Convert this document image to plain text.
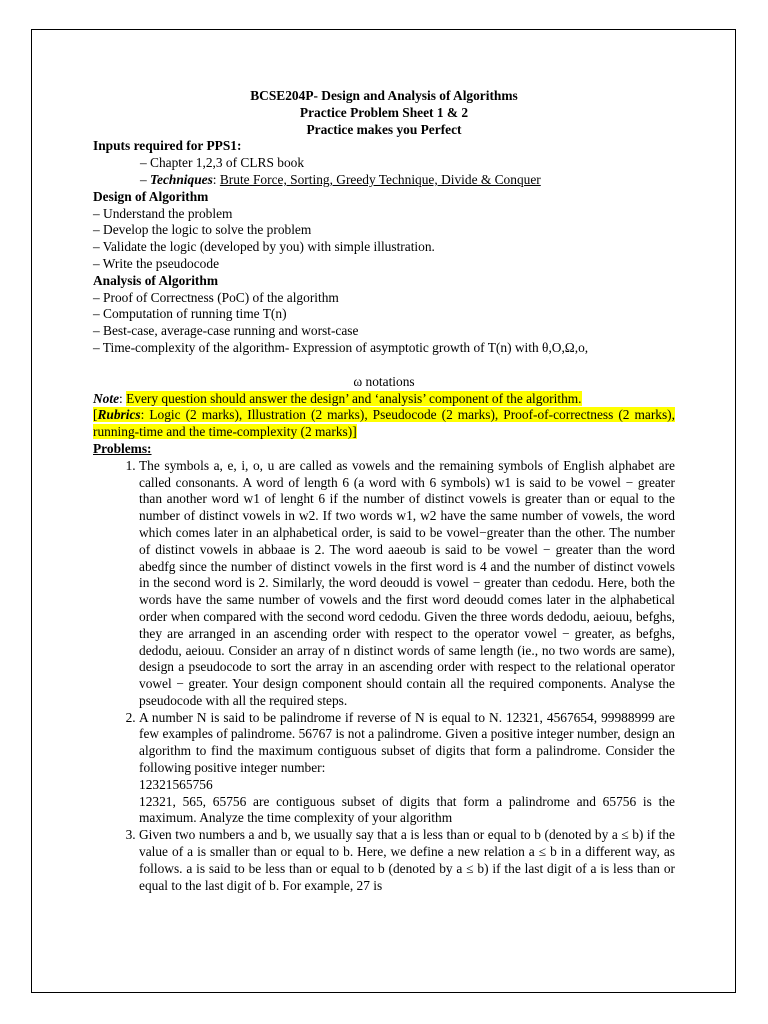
BCSE204P- Design and Analysis of Algorithms
Practice Problem Sheet 1 & 2
Practice makes you Perfect
Inputs required for PPS1:
– Chapter 1,2,3 of CLRS book
– Techniques: Brute Force, Sorting, Greedy Technique, Divide & Conquer
Design of Algorithm
– Understand the problem
– Develop the logic to solve the problem
– Validate the logic (developed by you) with simple illustration.
– Write the pseudocode
Analysis of Algorithm
– Proof of Correctness (PoC) of the algorithm
– Computation of running time T(n)
– Best-case, average-case running and worst-case
– Time-complexity of the algorithm- Expression of asymptotic growth of T(n) with θ,O,Ω,o,
ω notations
Note: Every question should answer the design’ and ‘analysis’ component of the algorithm.
[Rubrics: Logic (2 marks), Illustration (2 marks), Pseudocode (2 marks), Proof-of-correctness (2 marks), running-time and the time-complexity (2 marks)]
Problems:
1. The symbols a, e, i, o, u are called as vowels and the remaining symbols of English alphabet are called consonants. A word of length 6 (a word with 6 symbols) w1 is said to be vowel − greater than another word w1 of lenght 6 if the number of distinct vowels is greater than or equal to the number of distinct vowels in w2. If two words w1, w2 have the same number of vowels, the word which comes later in an alphabetical order, is said to be vowel−greater than the other. The number of distinct vowels in abbaae is 2. The word aaeoub is said to be vowel − greater than the word abedfg since the number of distinct vowels in the first word is 4 and the number of distinct vowels in the second word is 2. Similarly, the word deoudd is vowel − greater than cedodu. Here, both the words have the same number of vowels and the first word deoudd comes later in the alphabetical order when compared with the second word cedodu. Given the three words dedodu, aeiouu, befghs, they are arranged in an ascending order with respect to the operator vowel − greater, as befghs, dedodu, aeiouu. Consider an array of n distinct words of same length (ie., no two words are same), design a pseudocode to sort the array in an ascending order with respect to the relational operator vowel − greater. Your design component should contain all the required components. Analyse the pseudocode with all the required steps.
2. A number N is said to be palindrome if reverse of N is equal to N. 12321, 4567654, 99988999 are few examples of palindrome. 56767 is not a palindrome. Given a positive integer number, design an algorithm to find the maximum contiguous subset of digits that form a palindrome. Consider the following positive integer number:
12321565756
12321, 565, 65756 are contiguous subset of digits that form a palindrome and 65756 is the maximum. Analyze the time complexity of your algorithm
3. Given two numbers a and b, we usually say that a is less than or equal to b (denoted by a ≤ b) if the value of a is smaller than or equal to b. Here, we define a new relation a ≤ b in a different way, as follows. a is said to be less than or equal to b (denoted by a ≤ b) if the last digit of a is less than or equal to the last digit of b. For example, 27 is
